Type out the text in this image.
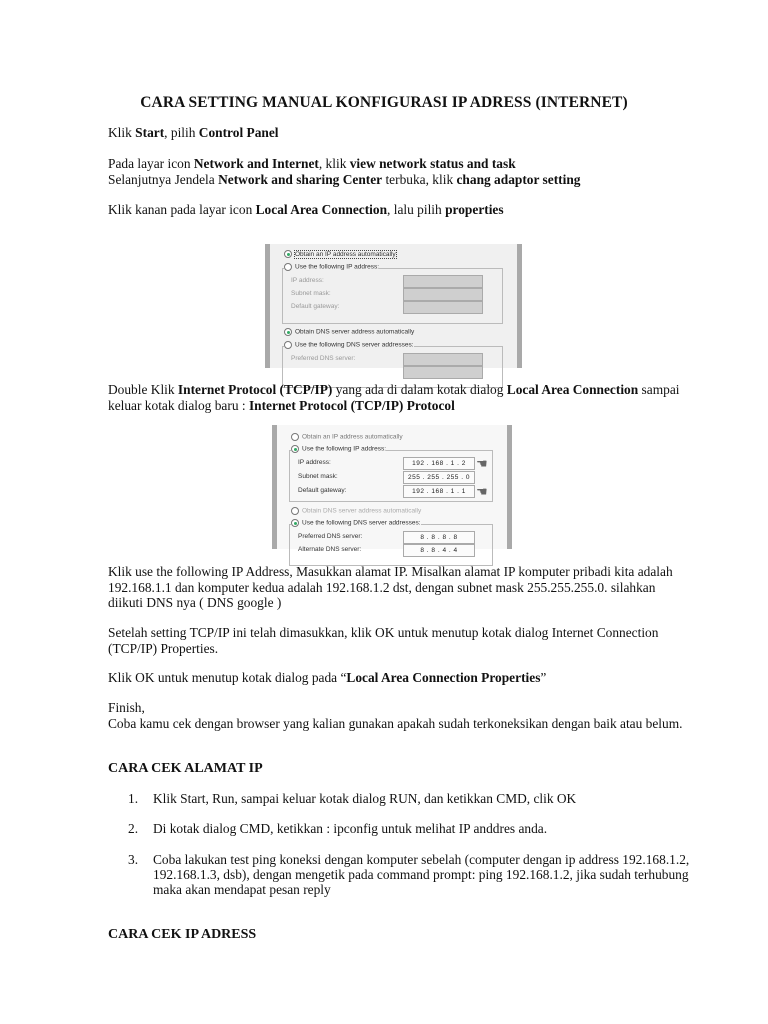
CARA SETTING MANUAL KONFIGURASI IP ADRESS (INTERNET)
Klik Start, pilih Control Panel
Pada layar icon Network and Internet, klik view network status and task
Selanjutnya Jendela Network and sharing Center terbuka, klik chang adaptor setting
Klik kanan pada layar icon Local Area Connection, lalu pilih properties
Obtain an IP address automatically
Use the following IP address:
IP address:
Subnet mask:
Default gateway:
Obtain DNS server address automatically
Use the following DNS server addresses:
Preferred DNS server:
Double Klik Internet Protocol (TCP/IP) yang ada di dalam kotak dialog Local Area Connection sampai keluar kotak dialog baru : Internet Protocol (TCP/IP) Protocol
Obtain an IP address automatically
Use the following IP address:
IP address:
Subnet mask:
Default gateway:
192 . 168 . 1 . 2
255 . 255 . 255 . 0
192 . 168 . 1 . 1
☚
☚
Obtain DNS server address automatically
Use the following DNS server addresses:
Preferred DNS server:
Alternate DNS server:
8 . 8 . 8 . 8
8 . 8 . 4 . 4
Klik use the following IP Address, Masukkan alamat IP. Misalkan alamat IP komputer pribadi kita adalah 192.168.1.1 dan komputer kedua adalah 192.168.1.2 dst, dengan subnet mask 255.255.255.0. silahkan diikuti DNS nya ( DNS google )
Setelah setting TCP/IP ini telah dimasukkan, klik OK untuk menutup kotak dialog Internet Connection (TCP/IP) Properties.
Klik OK untuk menutup kotak dialog pada “Local Area Connection Properties”
Finish,
Coba kamu cek dengan browser yang kalian gunakan apakah sudah terkoneksikan dengan baik atau belum.
CARA CEK ALAMAT IP
1. Klik Start, Run, sampai keluar kotak dialog RUN, dan ketikkan CMD, clik OK
2. Di kotak dialog CMD, ketikkan : ipconfig untuk melihat IP anddres anda.
3. Coba lakukan test ping koneksi dengan komputer sebelah (computer dengan ip address 192.168.1.2, 192.168.1.3, dsb), dengan mengetik pada command prompt: ping 192.168.1.2, jika sudah terhubung maka akan mendapat pesan reply
CARA CEK IP ADRESS
